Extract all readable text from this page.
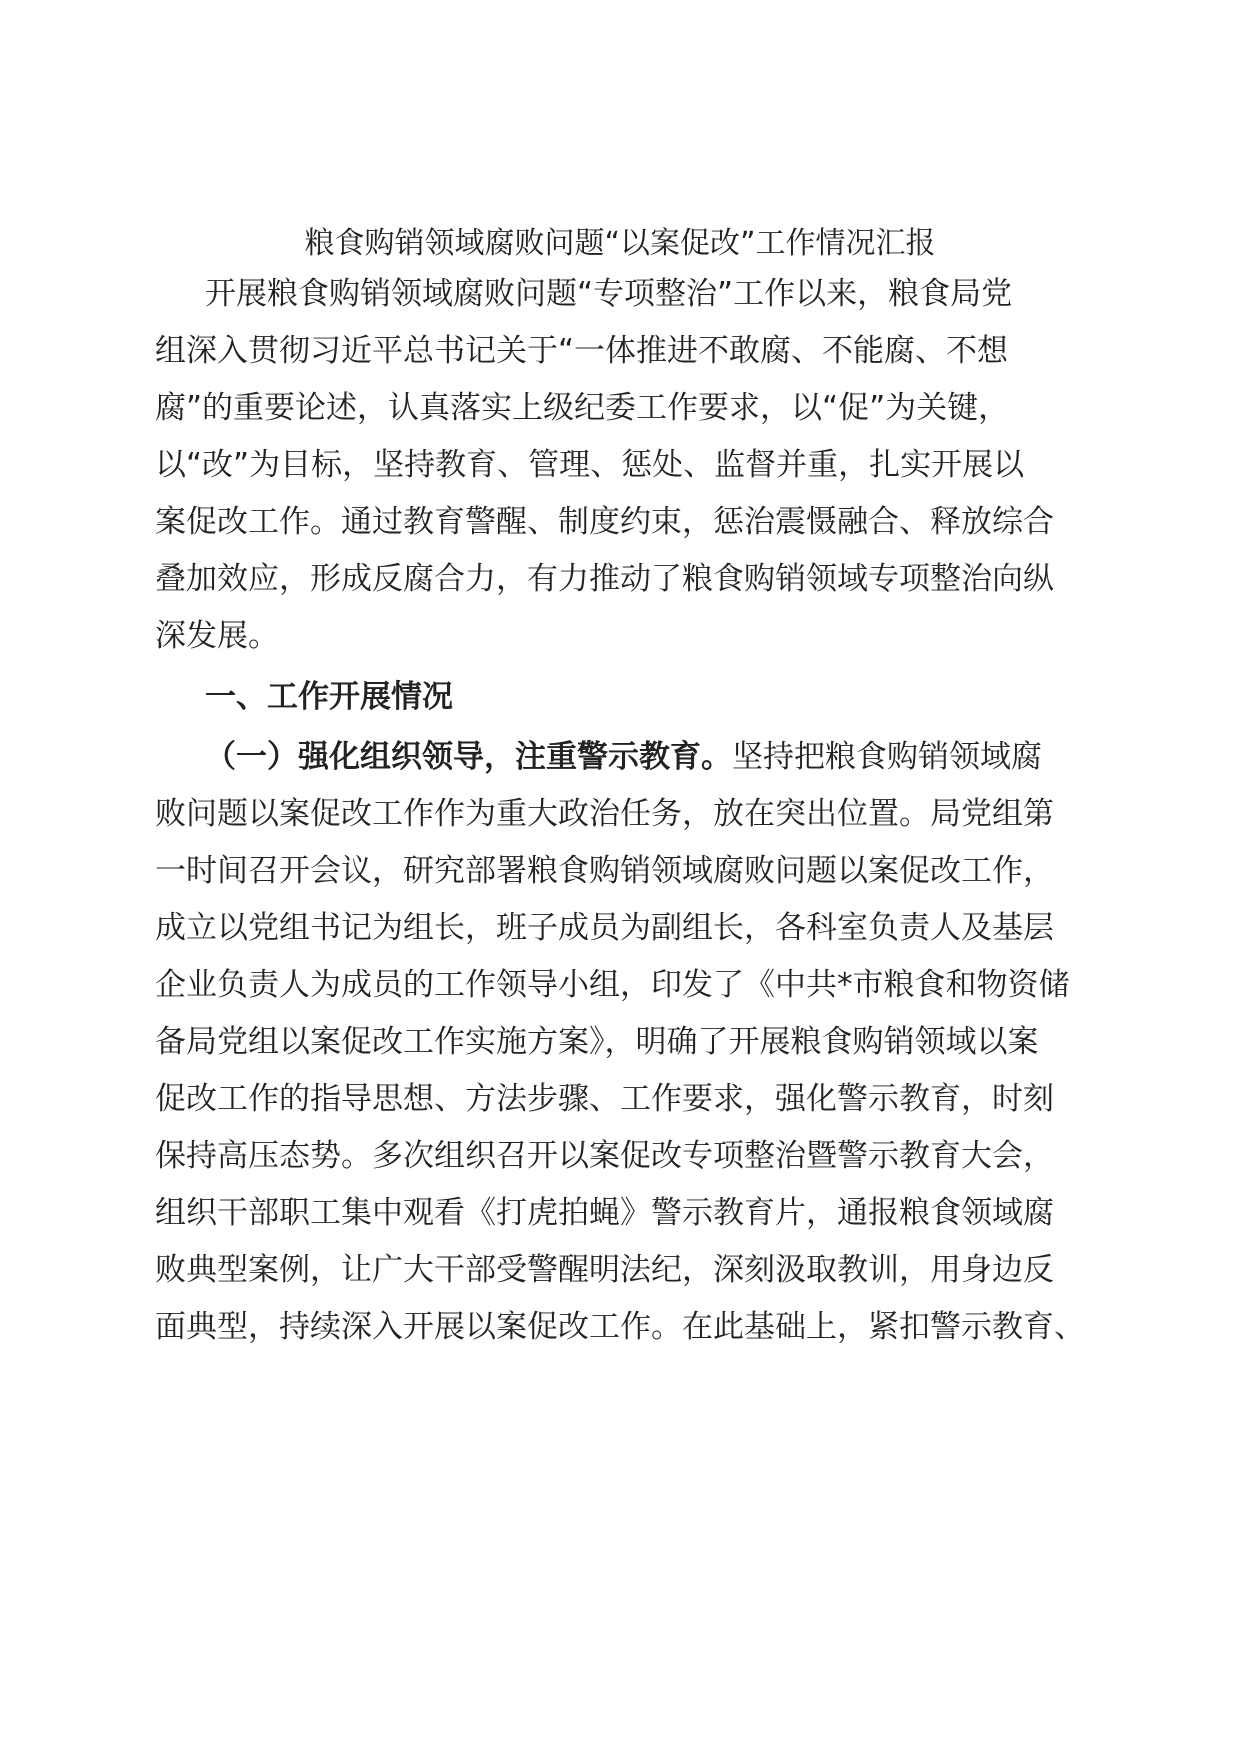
粮食购销领域腐败问题“以案促改”工作情况汇报
开展粮食购销领域腐败问题“专项整治”工作以来，粮食局党
组深入贯彻习近平总书记关于“一体推进不敢腐、不能腐、不想
腐”的重要论述，认真落实上级纪委工作要求，以“促”为关键，
以“改”为目标，坚持教育、管理、惩处、监督并重，扎实开展以
案促改工作。通过教育警醒、制度约束，惩治震慑融合、释放综合
叠加效应，形成反腐合力，有力推动了粮食购销领域专项整治向纵
深发展。
一、工作开展情况
（一）强化组织领导，注重警示教育。坚持把粮食购销领域腐
败问题以案促改工作作为重大政治任务，放在突出位置。局党组第
一时间召开会议，研究部署粮食购销领域腐败问题以案促改工作，
成立以党组书记为组长，班子成员为副组长，各科室负责人及基层
企业负责人为成员的工作领导小组，印发了《中共*市粮食和物资储
备局党组以案促改工作实施方案》，明确了开展粮食购销领域以案
促改工作的指导思想、方法步骤、工作要求，强化警示教育，时刻
保持高压态势。多次组织召开以案促改专项整治暨警示教育大会，
组织干部职工集中观看《打虎拍蝇》警示教育片，通报粮食领域腐
败典型案例，让广大干部受警醒明法纪，深刻汲取教训，用身边反
面典型，持续深入开展以案促改工作。在此基础上，紧扣警示教育、
